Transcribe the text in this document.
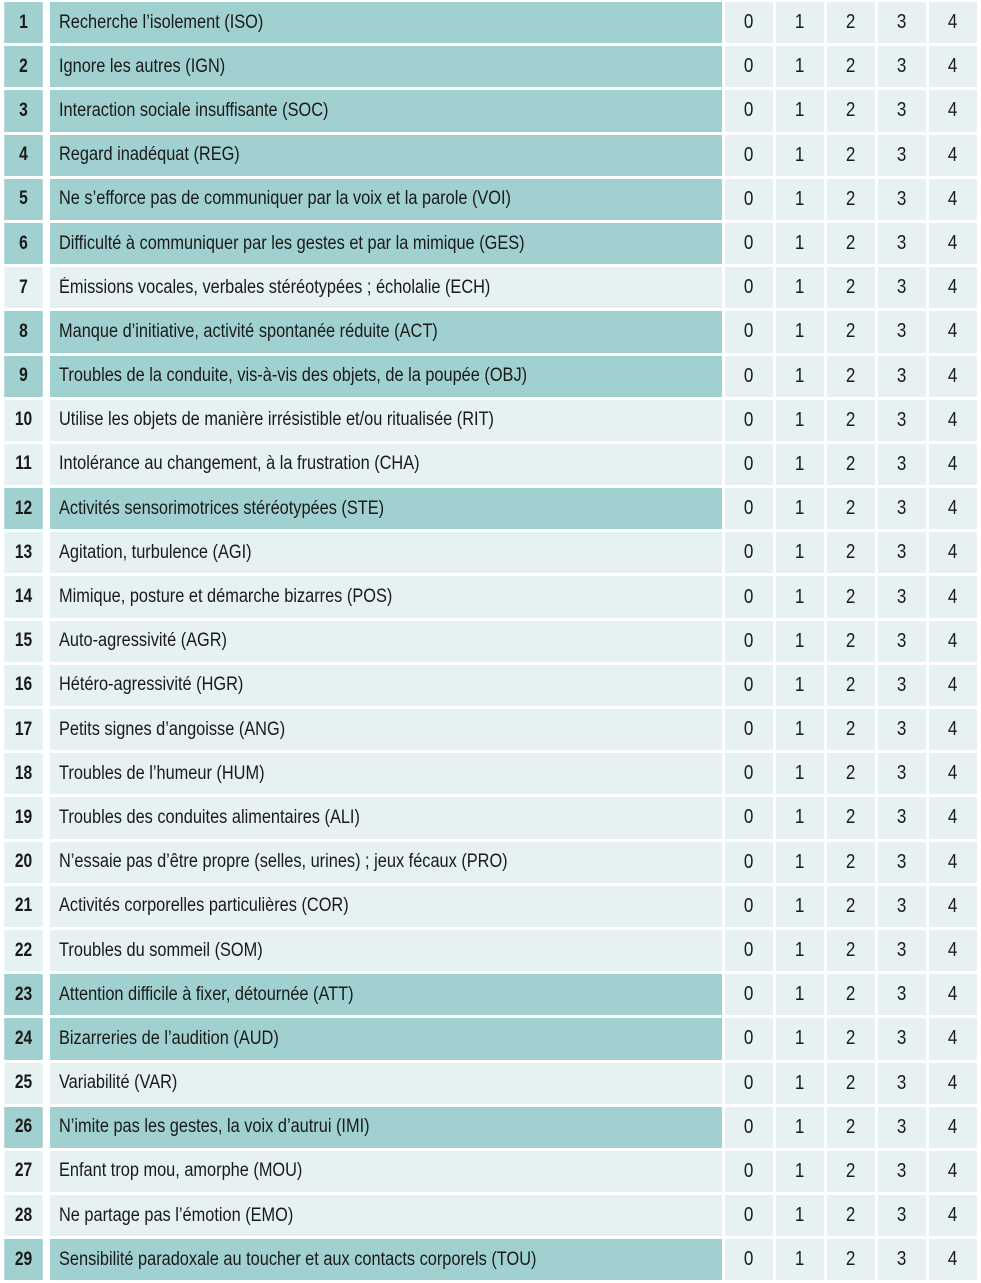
1	Recherche l’isolement (ISO)	0	1	2	3	4
2	Ignore les autres (IGN)	0	1	2	3	4
3	Interaction sociale insuffisante (SOC)	0	1	2	3	4
4	Regard inadéquat (REG)	0	1	2	3	4
5	Ne s’efforce pas de communiquer par la voix et la parole (VOI)	0	1	2	3	4
6	Difficulté à communiquer par les gestes et par la mimique (GES)	0	1	2	3	4
7	Émissions vocales, verbales stéréotypées ; écholalie (ECH)	0	1	2	3	4
8	Manque d’initiative, activité spontanée réduite (ACT)	0	1	2	3	4
9	Troubles de la conduite, vis-à-vis des objets, de la poupée (OBJ)	0	1	2	3	4
10	Utilise les objets de manière irrésistible et/ou ritualisée (RIT)	0	1	2	3	4
11	Intolérance au changement, à la frustration (CHA)	0	1	2	3	4
12	Activités sensorimotrices stéréotypées (STE)	0	1	2	3	4
13	Agitation, turbulence (AGI)	0	1	2	3	4
14	Mimique, posture et démarche bizarres (POS)	0	1	2	3	4
15	Auto-agressivité (AGR)	0	1	2	3	4
16	Hétéro-agressivité (HGR)	0	1	2	3	4
17	Petits signes d’angoisse (ANG)	0	1	2	3	4
18	Troubles de l’humeur (HUM)	0	1	2	3	4
19	Troubles des conduites alimentaires (ALI)	0	1	2	3	4
20	N’essaie pas d’être propre (selles, urines) ; jeux fécaux (PRO)	0	1	2	3	4
21	Activités corporelles particulières (COR)	0	1	2	3	4
22	Troubles du sommeil (SOM)	0	1	2	3	4
23	Attention difficile à fixer, détournée (ATT)	0	1	2	3	4
24	Bizarreries de l’audition (AUD)	0	1	2	3	4
25	Variabilité (VAR)	0	1	2	3	4
26	N’imite pas les gestes, la voix d’autrui (IMI)	0	1	2	3	4
27	Enfant trop mou, amorphe (MOU)	0	1	2	3	4
28	Ne partage pas l’émotion (EMO)	0	1	2	3	4
29	Sensibilité paradoxale au toucher et aux contacts corporels (TOU)	0	1	2	3	4
